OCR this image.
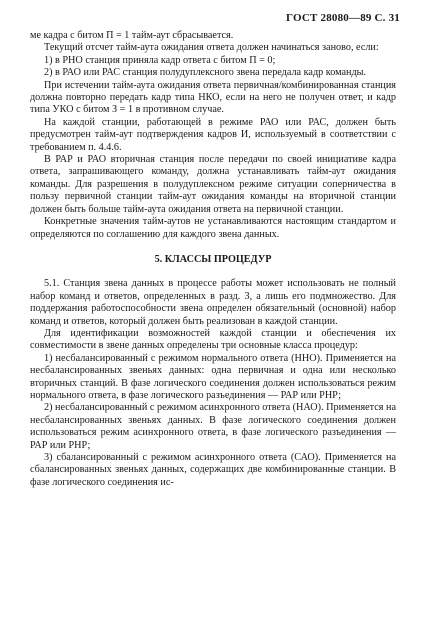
ГОСТ 28080—89 С. 31

ме кадра с битом П = 1 тайм-аут сбрасывается.

Текущий отсчет тайм-аута ожидания ответа должен начинаться заново, если:

1) в РНО станция приняла кадр ответа с битом П = 0;

2) в РАО или РАС станция полудуплексного звена передала кадр команды.

При истечении тайм-аута ожидания ответа первичная/комбинированная станция должна повторно передать кадр типа НКО, если на него не получен ответ, и кадр типа УКО с битом З = 1 в противном случае.

На каждой станции, работающей в режиме РАО или РАС, должен быть предусмотрен тайм-аут подтверждения кадров И, используемый в соответствии с требованием п. 4.4.6.

В РАР и РАО вторичная станция после передачи по своей инициативе кадра ответа, запрашивающего команду, должна устанавливать тайм-аут ожидания команды. Для разрешения в полудуплексном режиме ситуации соперничества в пользу первичной станции тайм-аут ожидания команды на вторичной станции должен быть больше тайм-аута ожидания ответа на первичной станции.

Конкретные значения тайм-аутов не устанавливаются настоящим стандартом и определяются по соглашению для каждого звена данных.

5. КЛАССЫ ПРОЦЕДУР

5.1. Станция звена данных в процессе работы может использовать не полный набор команд и ответов, определенных в разд. 3, а лишь его подмножество. Для поддержания работоспособности звена определен обязательный (основной) набор команд и ответов, который должен быть реализован в каждой станции.

Для идентификации возможностей каждой станции и обеспечения их совместимости в звене данных определены три основные класса процедур:

1) несбалансированный с режимом нормального ответа (ННО). Применяется на несбалансированных звеньях данных: одна первичная и одна или несколько вторичных станций. В фазе логического соединения должен использоваться режим нормального ответа, в фазе логического разъединения — РАР или РНР;

2) несбалансированный с режимом асинхронного ответа (НАО). Применяется на несбалансированных звеньях данных. В фазе логического соединения должен использоваться режим асинхронного ответа, в фазе логического разъединения — РАР или РНР;

3) сбалансированный с режимом асинхронного ответа (САО). Применяется на сбалансированных звеньях данных, содержащих две комбинированные станции. В фазе логического соединения ис-
